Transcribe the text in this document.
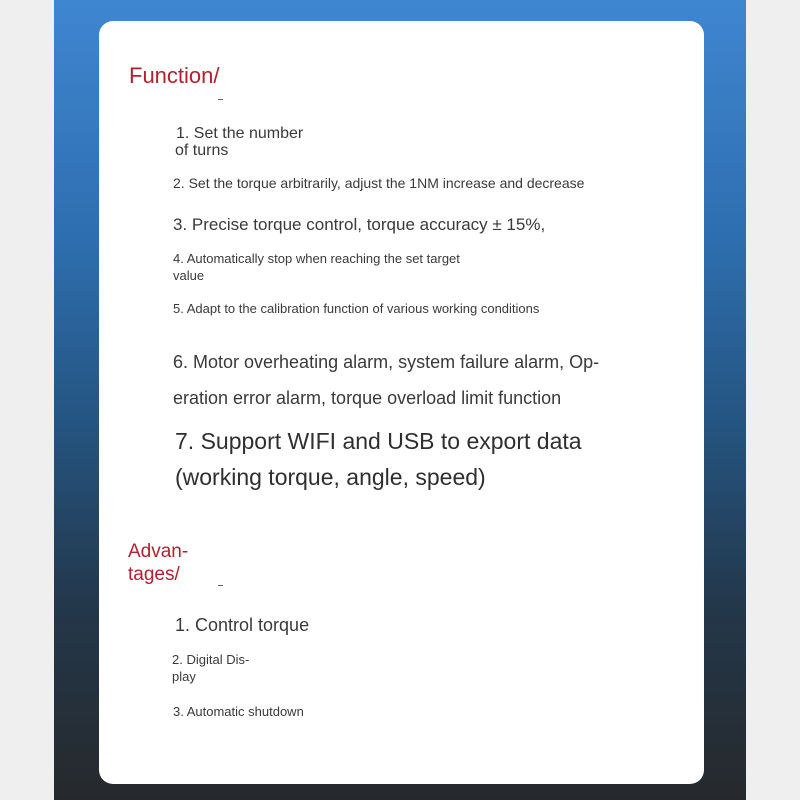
Function/
1. Set the number
of turns
2. Set the torque arbitrarily, adjust the 1NM increase and decrease
3. Precise torque control, torque accuracy ± 15%,
4. Automatically stop when reaching the set target
value
5. Adapt to the calibration function of various working conditions
6. Motor overheating alarm, system failure alarm, Op-
eration error alarm, torque overload limit function
7. Support WIFI and USB to export data
(working torque, angle, speed)
Advan-
tages/
1. Control torque
2. Digital Dis-
play
3. Automatic shutdown
